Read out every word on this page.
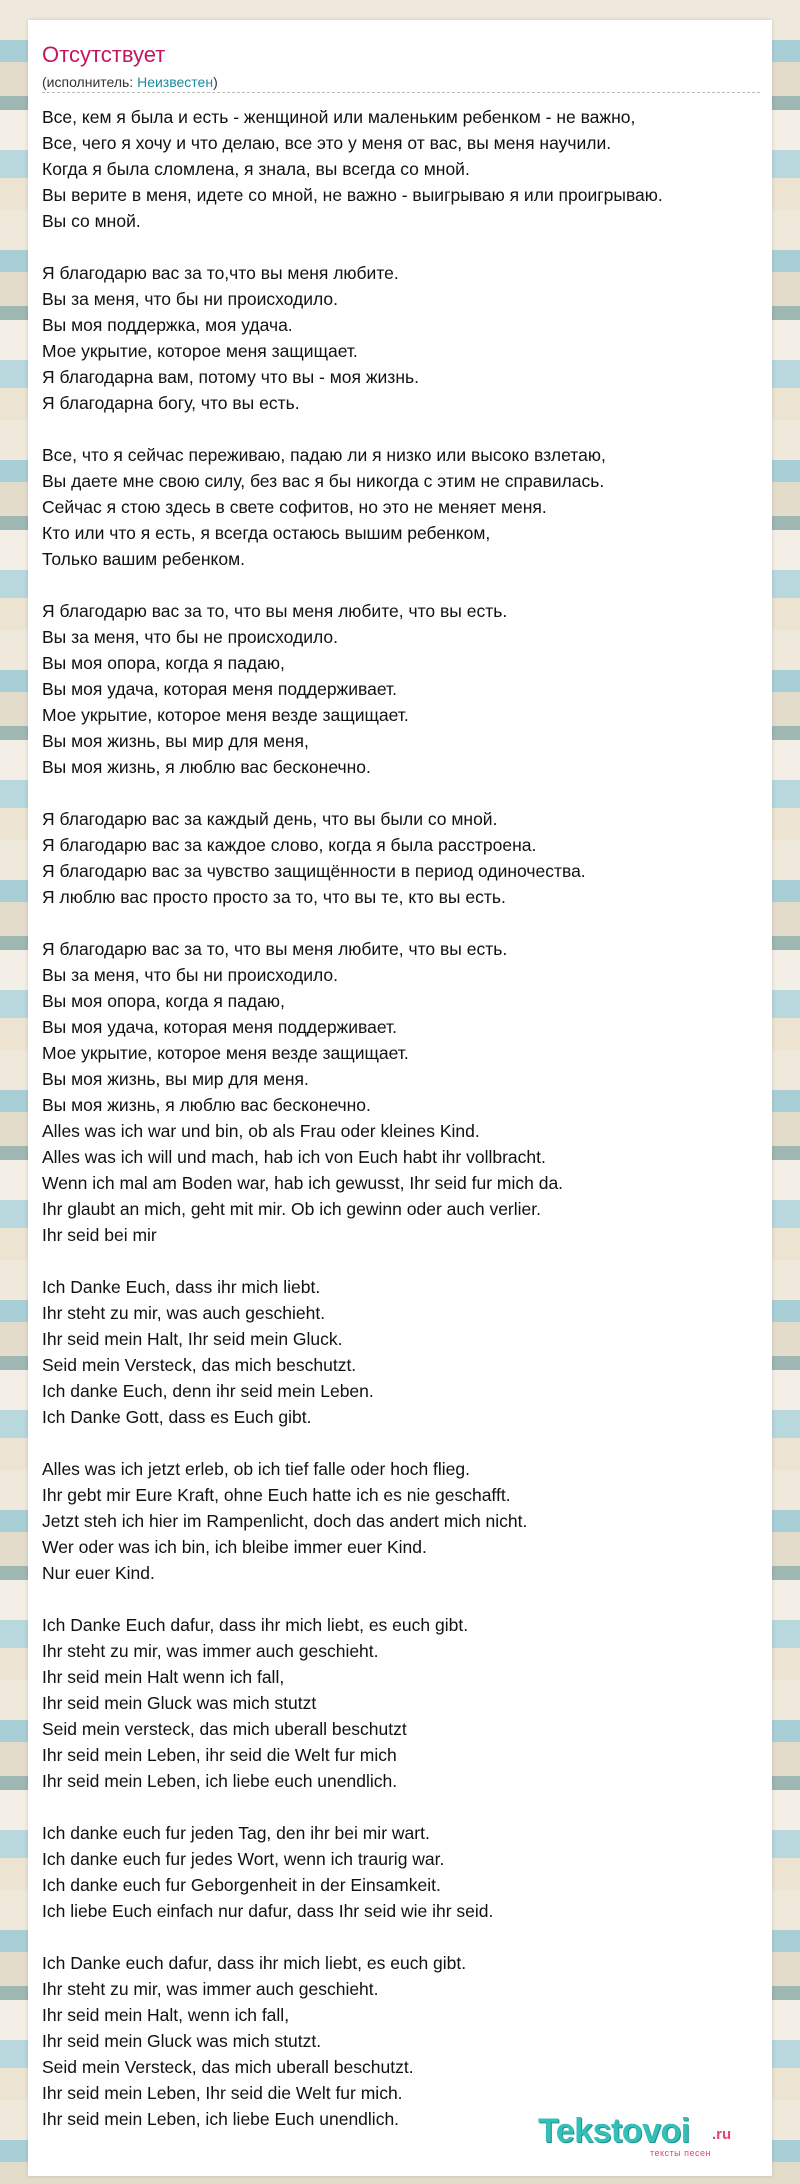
Отсутствует
(исполнитель: Неизвестен)
Все, кем я была и есть - женщиной или маленьким ребенком - не важно,
Все, чего я хочу и что делаю, все это у меня от вас, вы меня научили.
Когда я была сломлена, я знала, вы всегда со мной.
Вы верите в меня, идете со мной, не важно - выигрываю я или проигрываю.
Вы со мной.
Я благодарю вас за то,что вы меня любите.
Вы за меня, что бы ни происходило.
Вы моя поддержка, моя удача.
Мое укрытие, которое меня защищает.
Я благодарна вам, потому что вы - моя жизнь.
Я благодарна богу, что вы есть.
Все, что я сейчас переживаю, падаю ли я низко или высоко взлетаю,
Вы даете мне свою силу, без вас я бы никогда с этим не справилась.
Сейчас я стою здесь в свете софитов, но это не меняет меня.
Кто или что я есть, я всегда остаюсь вышим ребенком,
Только вашим ребенком.
Я благодарю вас за то, что вы меня любите, что вы есть.
Вы за меня, что бы не происходило.
Вы моя опора, когда я падаю,
Вы моя удача, которая меня поддерживает.
Мое укрытие, которое меня везде защищает.
Вы моя жизнь, вы мир для меня,
Вы моя жизнь, я люблю вас бесконечно.
Я благодарю вас за каждый день, что вы были со мной.
Я благодарю вас за каждое слово, когда я была расстроена.
Я благодарю вас за чувство защищённости в период одиночества.
Я люблю вас просто просто за то, что вы те, кто вы есть.
Я благодарю вас за то, что вы меня любите, что вы есть.
Вы за меня, что бы ни происходило.
Вы моя опора, когда я падаю,
Вы моя удача, которая меня поддерживает.
Мое укрытие, которое меня везде защищает.
Вы моя жизнь, вы мир для меня.
Вы моя жизнь, я люблю вас бесконечно.
Alles was ich war und bin, ob als Frau oder kleines Kind.
Alles was ich will und mach, hab ich von Euch habt ihr vollbracht.
Wenn ich mal am Boden war, hab ich gewusst, Ihr seid fur mich da.
Ihr glaubt an mich, geht mit mir. Ob ich gewinn oder auch verlier.
Ihr seid bei mir
Ich Danke Euch, dass ihr mich liebt.
Ihr steht zu mir, was auch geschieht.
Ihr seid mein Halt, Ihr seid mein Gluck.
Seid mein Versteck, das mich beschutzt.
Ich danke Euch, denn ihr seid mein Leben.
Ich Danke Gott, dass es Euch gibt.
Alles was ich jetzt erleb, ob ich tief falle oder hoch flieg.
Ihr gebt mir Eure Kraft, ohne Euch hatte ich es nie geschafft.
Jetzt steh ich hier im Rampenlicht, doch das andert mich nicht.
Wer oder was ich bin, ich bleibe immer euer Kind.
Nur euer Kind.
Ich Danke Euch dafur, dass ihr mich liebt, es euch gibt.
Ihr steht zu mir, was immer auch geschieht.
Ihr seid mein Halt wenn ich fall,
Ihr seid mein Gluck was mich stutzt
Seid mein versteck, das mich uberall beschutzt
Ihr seid mein Leben, ihr seid die Welt fur mich
Ihr seid mein Leben, ich liebe euch unendlich.
Ich danke euch fur jeden Tag, den ihr bei mir wart.
Ich danke euch fur jedes Wort, wenn ich traurig war.
Ich danke euch fur Geborgenheit in der Einsamkeit.
Ich liebe Euch einfach nur dafur, dass Ihr seid wie ihr seid.
Ich Danke euch dafur, dass ihr mich liebt, es euch gibt.
Ihr steht zu mir, was immer auch geschieht.
Ihr seid mein Halt, wenn ich fall,
Ihr seid mein Gluck was mich stutzt.
Seid mein Versteck, das mich uberall beschutzt.
Ihr seid mein Leben, Ihr seid die Welt fur mich.
Ihr seid mein Leben, ich liebe Euch unendlich.	Tekstovoi .ru
тексты песен
